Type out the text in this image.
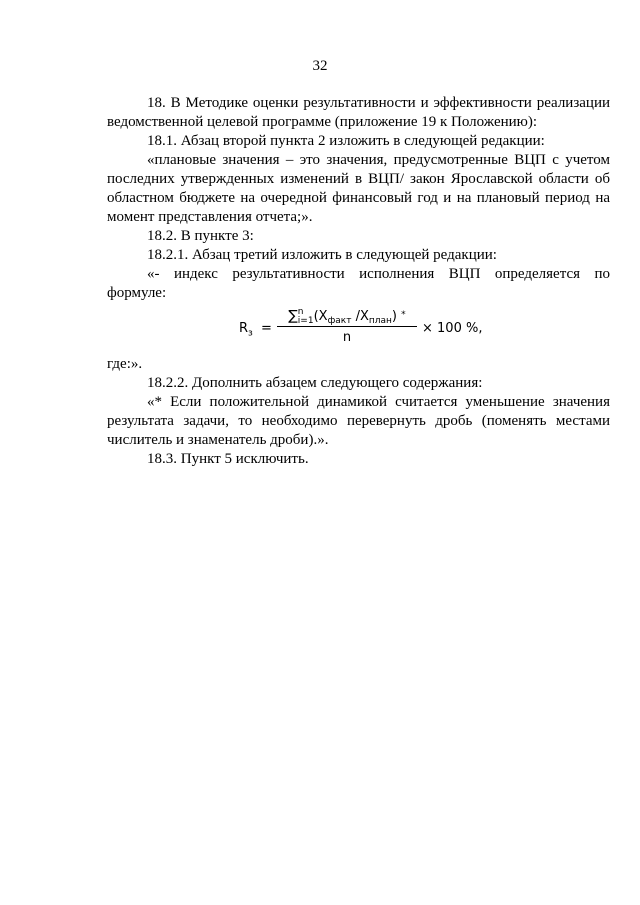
32
18. В Методике оценки результативности и эффективности реализации
ведомственной целевой программе (приложение 19 к Положению):
18.1. Абзац второй пункта 2 изложить в следующей редакции:
«плановые значения – это значения, предусмотренные ВЦП с учетом
последних утвержденных изменений в ВЦП/ закон Ярославской области об
областном бюджете на очередной финансовый год и на плановый период на
момент представления отчета;».
18.2. В пункте 3:
18.2.1. Абзац третий изложить в следующей редакции:
«- индекс результативности исполнения ВЦП определяется по
формуле:
$R_з$ =
∑n
$i=1(X_{факт}$ $/X_{план}$) *
n
× 100 %,
где:».
18.2.2. Дополнить абзацем следующего содержания:
«* Если положительной динамикой считается уменьшение значения
результата задачи, то необходимо перевернуть дробь (поменять местами
числитель и знаменатель дроби).».
18.3. Пункт 5 исключить.
